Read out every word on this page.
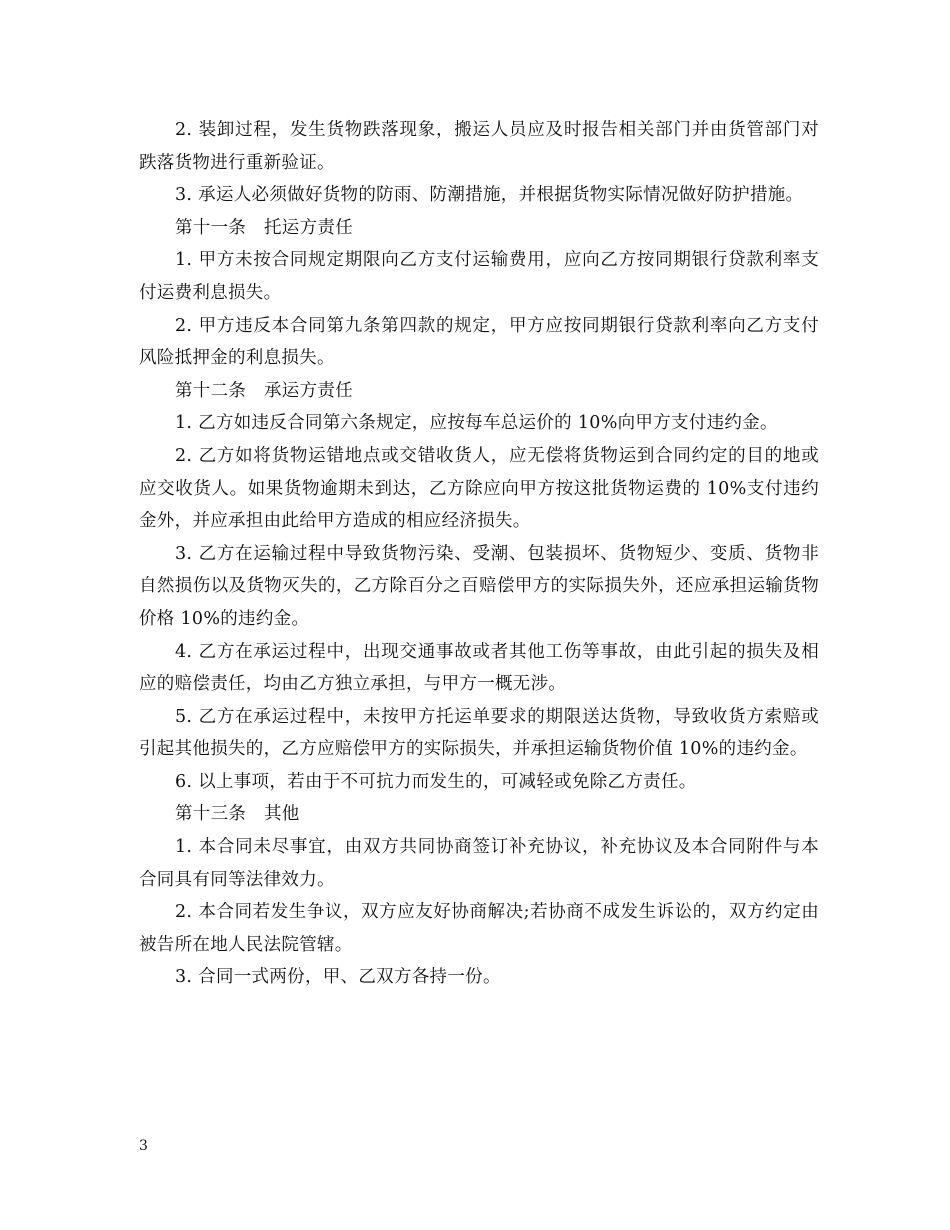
2. 装卸过程，发生货物跌落现象，搬运人员应及时报告相关部门并由货管部门对跌落货物进行重新验证。

3. 承运人必须做好货物的防雨、防潮措施，并根据货物实际情况做好防护措施。

第十一条　托运方责任

1. 甲方未按合同规定期限向乙方支付运输费用，应向乙方按同期银行贷款利率支付运费利息损失。

2. 甲方违反本合同第九条第四款的规定，甲方应按同期银行贷款利率向乙方支付风险抵押金的利息损失。

第十二条　承运方责任

1. 乙方如违反合同第六条规定，应按每车总运价的 10%向甲方支付违约金。

2. 乙方如将货物运错地点或交错收货人，应无偿将货物运到合同约定的目的地或应交收货人。如果货物逾期未到达，乙方除应向甲方按这批货物运费的 10%支付违约金外，并应承担由此给甲方造成的相应经济损失。

3. 乙方在运输过程中导致货物污染、受潮、包装损坏、货物短少、变质、货物非自然损伤以及货物灭失的，乙方除百分之百赔偿甲方的实际损失外，还应承担运输货物价格 10%的违约金。

4. 乙方在承运过程中，出现交通事故或者其他工伤等事故，由此引起的损失及相应的赔偿责任，均由乙方独立承担，与甲方一概无涉。

5. 乙方在承运过程中，未按甲方托运单要求的期限送达货物，导致收货方索赔或引起其他损失的，乙方应赔偿甲方的实际损失，并承担运输货物价值 10%的违约金。

6. 以上事项，若由于不可抗力而发生的，可减轻或免除乙方责任。

第十三条　其他

1. 本合同未尽事宜，由双方共同协商签订补充协议，补充协议及本合同附件与本合同具有同等法律效力。

2. 本合同若发生争议，双方应友好协商解决;若协商不成发生诉讼的，双方约定由被告所在地人民法院管辖。

3. 合同一式两份，甲、乙双方各持一份。

3
